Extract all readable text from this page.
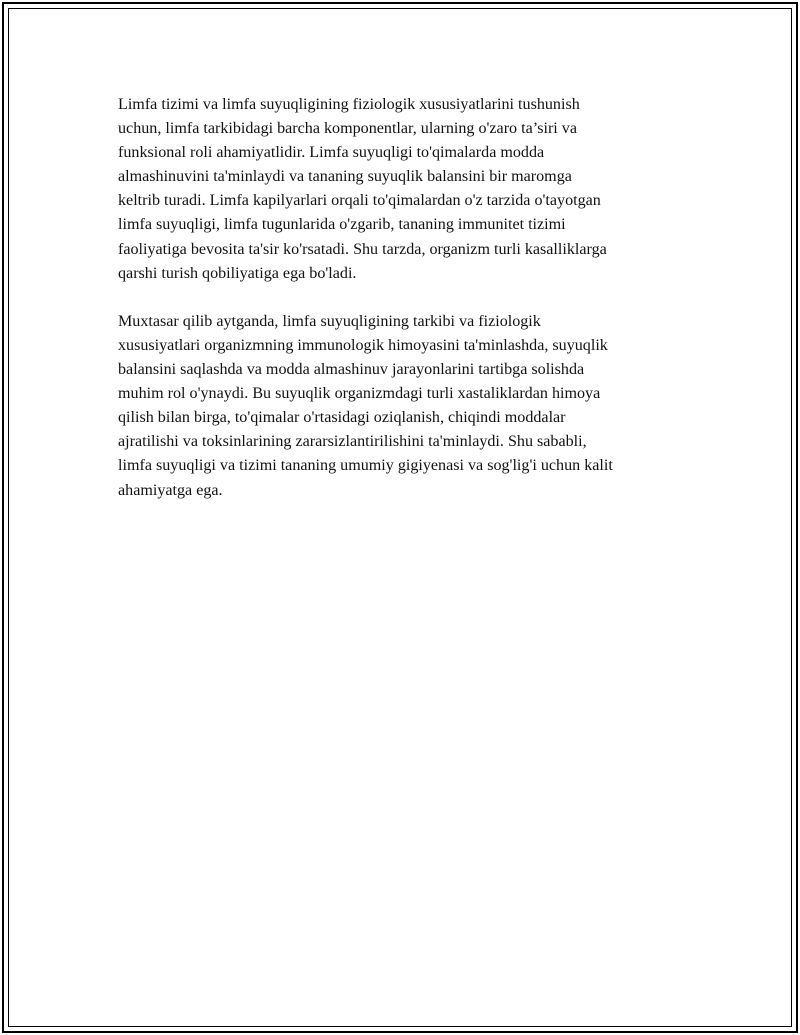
Limfa tizimi va limfa suyuqligining fiziologik xususiyatlarini tushunish
uchun, limfa tarkibidagi barcha komponentlar, ularning o'zaro ta’siri va
funksional roli ahamiyatlidir. Limfa suyuqligi to'qimalarda modda
almashinuvini ta'minlaydi va tananing suyuqlik balansini bir maromga
keltrib turadi. Limfa kapilyarlari orqali to'qimalardan o'z tarzida o'tayotgan
limfa suyuqligi, limfa tugunlarida o'zgarib, tananing immunitet tizimi
faoliyatiga bevosita ta'sir ko'rsatadi. Shu tarzda, organizm turli kasalliklarga
qarshi turish qobiliyatiga ega bo'ladi.

Muxtasar qilib aytganda, limfa suyuqligining tarkibi va fiziologik
xususiyatlari organizmning immunologik himoyasini ta'minlashda, suyuqlik
balansini saqlashda va modda almashinuv jarayonlarini tartibga solishda
muhim rol o'ynaydi. Bu suyuqlik organizmdagi turli xastaliklardan himoya
qilish bilan birga, to'qimalar o'rtasidagi oziqlanish, chiqindi moddalar
ajratilishi va toksinlarining zararsizlantirilishini ta'minlaydi. Shu sababli,
limfa suyuqligi va tizimi tananing umumiy gigiyenasi va sog'lig'i uchun kalit
ahamiyatga ega.
